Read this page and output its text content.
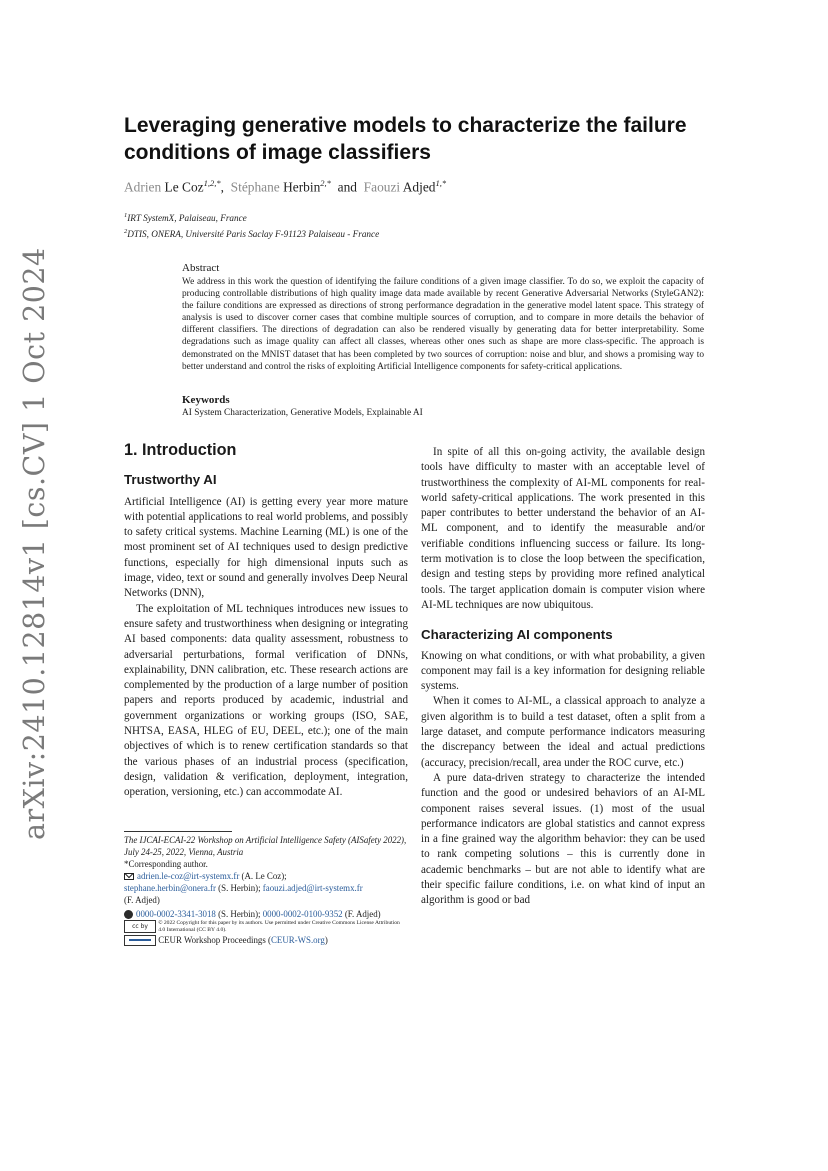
arXiv:2410.12814v1 [cs.CV] 1 Oct 2024
Leveraging generative models to characterize the failure conditions of image classifiers
Adrien Le Coz$^{1,2,*}$, Stéphane Herbin$^{2,*}$ and Faouzi Adjed$^{1,*}$
$^1$IRT SystemX, Palaiseau, France
$^2$DTIS, ONERA, Université Paris Saclay F-91123 Palaiseau - France
Abstract
We address in this work the question of identifying the failure conditions of a given image classifier. To do so, we exploit the capacity of producing controllable distributions of high quality image data made available by recent Generative Adversarial Networks (StyleGAN2): the failure conditions are expressed as directions of strong performance degradation in the generative model latent space. This strategy of analysis is used to discover corner cases that combine multiple sources of corruption, and to compare in more details the behavior of different classifiers. The directions of degradation can also be rendered visually by generating data for better interpretability. Some degradations such as image quality can affect all classes, whereas other ones such as shape are more class-specific. The approach is demonstrated on the MNIST dataset that has been completed by two sources of corruption: noise and blur, and shows a promising way to better understand and control the risks of exploiting Artificial Intelligence components for safety-critical applications.
Keywords
AI System Characterization, Generative Models, Explainable AI
1. Introduction
Trustworthy AI

Artificial Intelligence (AI) is getting every year more mature with potential applications to real world problems, and possibly to safety critical systems. Machine Learning (ML) is one of the most prominent set of AI techniques used to design predictive functions, especially for high dimensional inputs such as image, video, text or sound and generally involves Deep Neural Networks (DNN),

The exploitation of ML techniques introduces new issues to ensure safety and trustworthiness when designing or integrating AI based components: data quality assessment, robustness to adversarial perturbations, formal verification of DNNs, explainability, DNN calibration, etc. These research actions are complemented by the production of a large number of position papers and reports produced by academic, industrial and government organizations or working groups (ISO, SAE, NHTSA, EASA, HLEG of EU, DEEL, etc.); one of the main objectives of which is to renew certification standards so that the various phases of an industrial process (specification, design, validation & verification, deployment, integration, operation, versioning, etc.) can accommodate AI.

The IJCAI-ECAI-22 Workshop on Artificial Intelligence Safety (AISafety 2022), July 24-25, 2022, Vienna, Austria
*Corresponding author.
adrien.le-coz@irt-systemx.fr (A. Le Coz);
stephane.herbin@onera.fr (S. Herbin); faouzi.adjed@irt-systemx.fr
(F. Adjed)
0000-0002-3341-3018 (S. Herbin); 0000-0002-0100-9352 (F. Adjed)
cc by © 2022 Copyright for this paper by its authors. Use permitted under Creative Commons License Attribution 4.0 International (CC BY 4.0).
CEUR Workshop Proceedings (CEUR-WS.org)

In spite of all this on-going activity, the available design tools have difficulty to master with an acceptable level of trustworthiness the complexity of AI-ML components for real-world safety-critical applications. The work presented in this paper contributes to better understand the behavior of an AI-ML component, and to identify the measurable and/or verifiable conditions influencing success or failure. Its long-term motivation is to close the loop between the specification, design and testing steps by providing more refined analytical tools. The target application domain is computer vision where AI-ML techniques are now ubiquitous.

Characterizing AI components

Knowing on what conditions, or with what probability, a given component may fail is a key information for designing reliable systems.

When it comes to AI-ML, a classical approach to analyze a given algorithm is to build a test dataset, often a split from a large dataset, and compute performance indicators measuring the discrepancy between the ideal and actual predictions (accuracy, precision/recall, area under the ROC curve, etc.)

A pure data-driven strategy to characterize the intended function and the good or undesired behaviors of an AI-ML component raises several issues. (1) most of the usual performance indicators are global statistics and cannot express in a fine grained way the algorithm behavior: they can be used to rank competing solutions – this is currently done in academic benchmarks – but are not able to identify what are their specific failure conditions, i.e. on what kind of input an algorithm is good or bad
